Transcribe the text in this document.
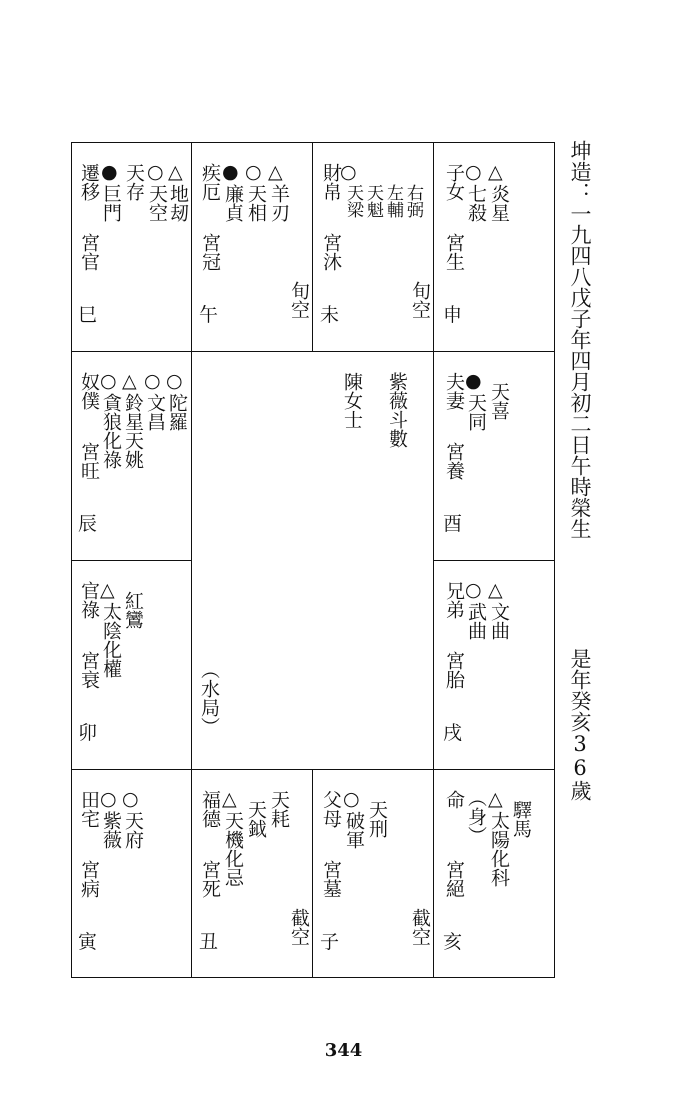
遷移
宮官
巳
● ○ △
巨門
天存
天空 地刼
疾厄
宮冠
午
● ○ △
廉貞 天相 羊刃
旬空
財帛
宮沐
未
○
天梁 天魁 左輔 右弼
旬空
子女
宮生
申
○ △
七殺 炎星
奴僕
宮旺
辰
○ △ ○ ○
貪狼化祿 鈴星天姚 文昌 陀羅
官祿
宮衰
卯
△
太陰化權 紅鸞
夫妻
宮養
酉
●
天同 天喜
兄弟
宮胎
戌
○ △
武曲 文曲
紫薇斗數
陳女士
（水局）
田宅
宮病
寅
○ ○
紫薇 天府
福德
宮死
丑
△
天機化忌 天鉞 天耗
截空
父母
宮墓
子
○
破軍 天刑
截空
命
宮絕
亥
（身） △
太陽化科 驛馬
坤造：一九四八戊子年四月初二日午時榮生
是年癸亥36歲
344
